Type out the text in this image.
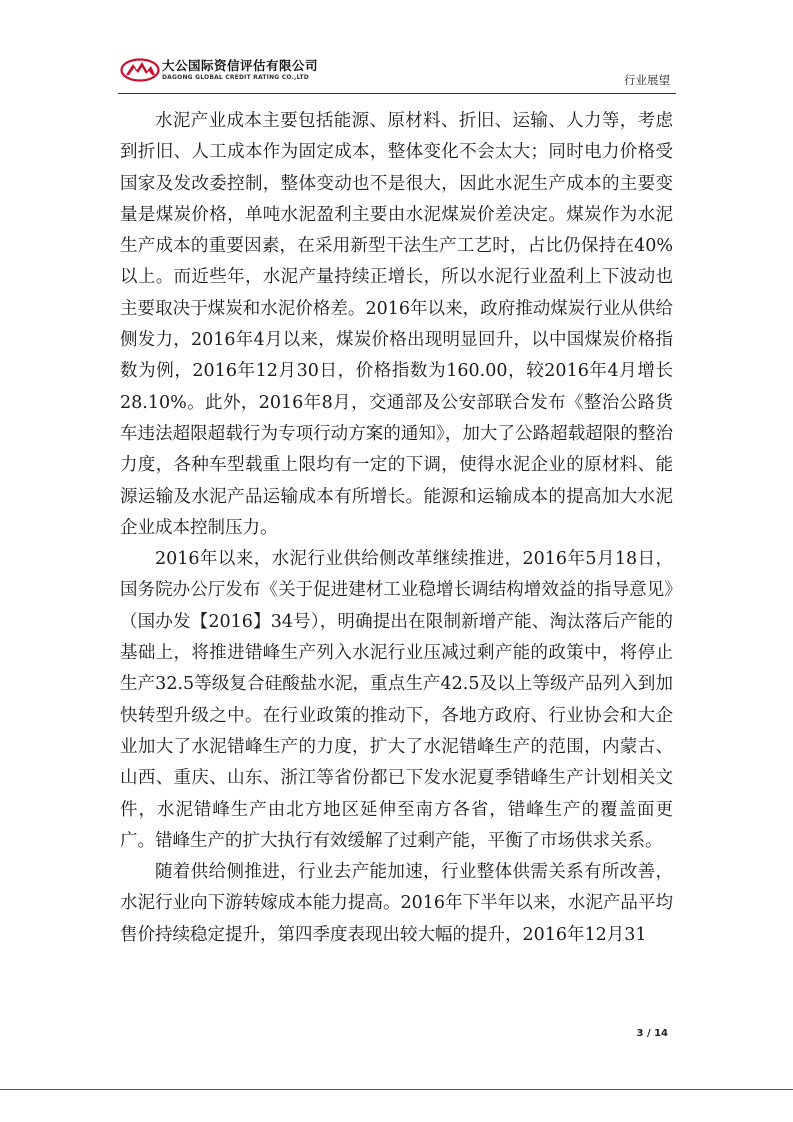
大公国际资信评估有限公司
DAGONG GLOBAL CREDIT RATING CO.,LTD	行业展望

水泥产业成本主要包括能源、原材料、折旧、运输、人力等，考虑到折旧、人工成本作为固定成本，整体变化不会太大；同时电力价格受国家及发改委控制，整体变动也不是很大，因此水泥生产成本的主要变量是煤炭价格，单吨水泥盈利主要由水泥煤炭价差决定。煤炭作为水泥生产成本的重要因素，在采用新型干法生产工艺时，占比仍保持在40%以上。而近些年，水泥产量持续正增长，所以水泥行业盈利上下波动也主要取决于煤炭和水泥价格差。2016年以来，政府推动煤炭行业从供给侧发力，2016年4月以来，煤炭价格出现明显回升，以中国煤炭价格指数为例，2016年12月30日，价格指数为160.00，较2016年4月增长28.10%。此外，2016年8月，交通部及公安部联合发布《整治公路货车违法超限超载行为专项行动方案的通知》，加大了公路超载超限的整治力度，各种车型载重上限均有一定的下调，使得水泥企业的原材料、能源运输及水泥产品运输成本有所增长。能源和运输成本的提高加大水泥企业成本控制压力。

2016年以来，水泥行业供给侧改革继续推进，2016年5月18日，国务院办公厅发布《关于促进建材工业稳增长调结构增效益的指导意见》（国办发【2016】34号），明确提出在限制新增产能、淘汰落后产能的基础上，将推进错峰生产列入水泥行业压减过剩产能的政策中，将停止生产32.5等级复合硅酸盐水泥，重点生产42.5及以上等级产品列入到加快转型升级之中。在行业政策的推动下，各地方政府、行业协会和大企业加大了水泥错峰生产的力度，扩大了水泥错峰生产的范围，内蒙古、山西、重庆、山东、浙江等省份都已下发水泥夏季错峰生产计划相关文件，水泥错峰生产由北方地区延伸至南方各省，错峰生产的覆盖面更广。错峰生产的扩大执行有效缓解了过剩产能，平衡了市场供求关系。

随着供给侧推进，行业去产能加速，行业整体供需关系有所改善，水泥行业向下游转嫁成本能力提高。2016年下半年以来，水泥产品平均售价持续稳定提升，第四季度表现出较大幅的提升，2016年12月31

3 / 14
